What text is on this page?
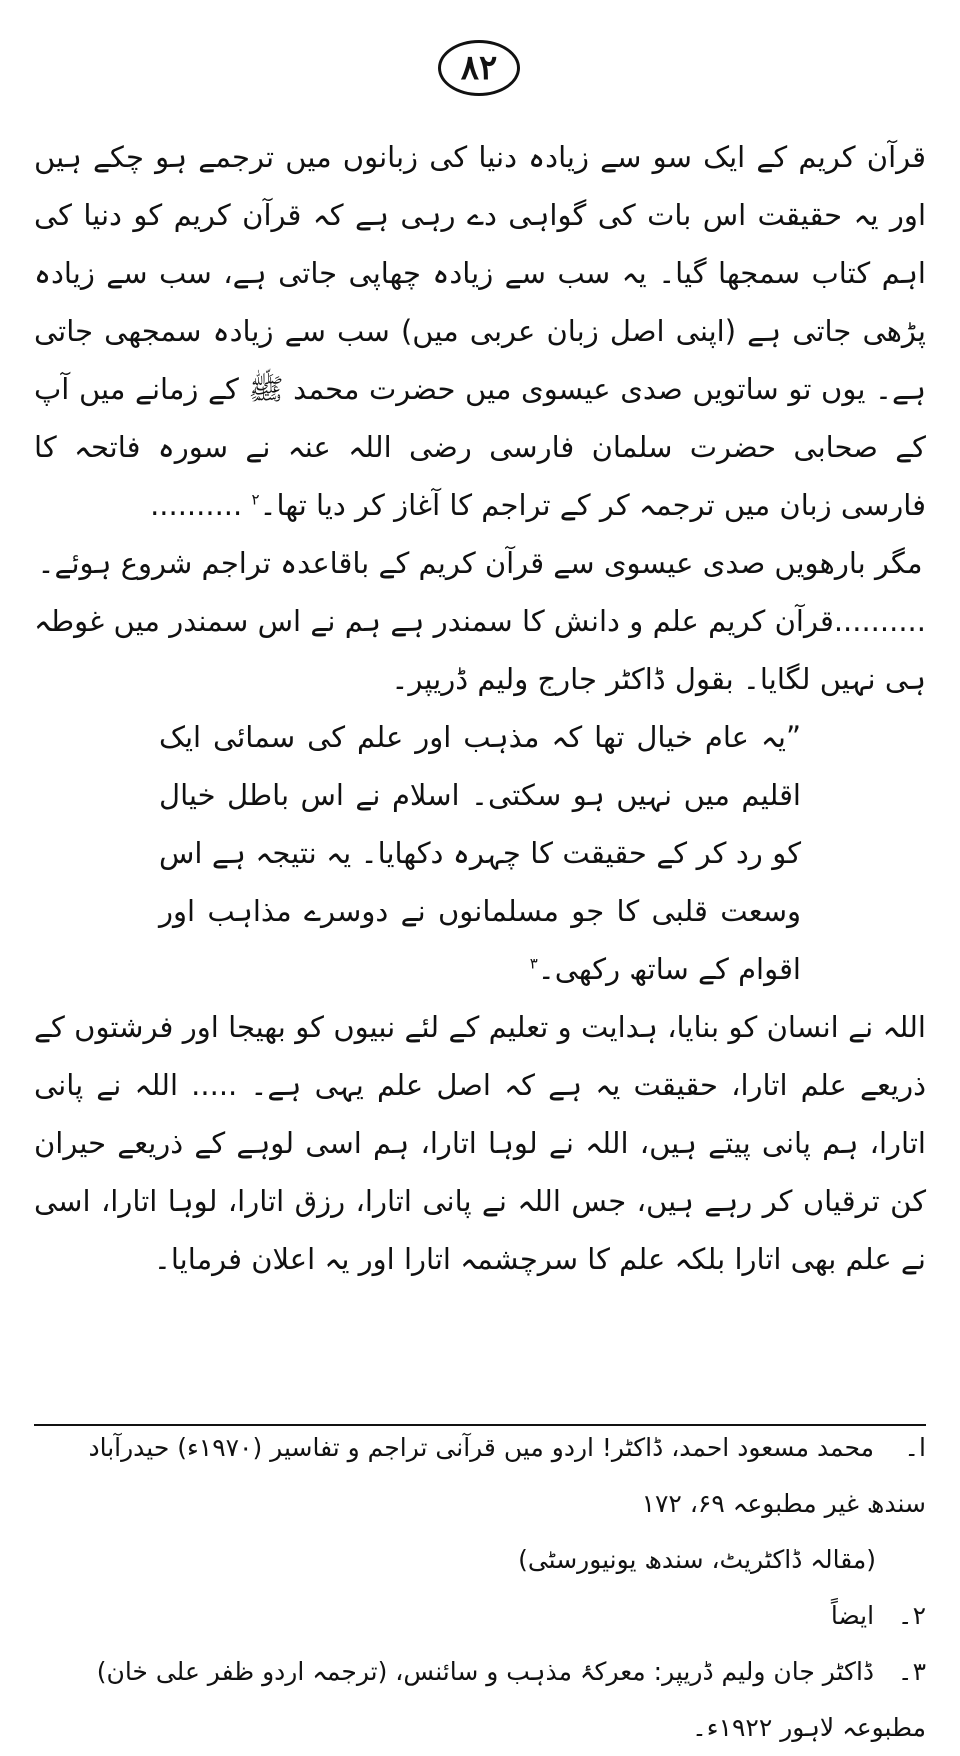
۸۲

قرآن کریم کے ایک سو سے زیادہ دنیا کی زبانوں میں ترجمے ہو چکے ہیں اور یہ حقیقت اس بات کی گواہی دے رہی ہے کہ قرآن کریم کو دنیا کی اہم کتاب سمجھا گیا۔ یہ سب سے زیادہ چھاپی جاتی ہے، سب سے زیادہ پڑھی جاتی ہے (اپنی اصل زبان عربی میں) سب سے زیادہ سمجھی جاتی ہے۔ یوں تو ساتویں صدی عیسوی میں حضرت محمد ﷺ کے زمانے میں آپ کے صحابی حضرت سلمان فارسی رضی اللہ عنہ نے سورہ فاتحہ کا فارسی زبان میں ترجمہ کر کے تراجم کا آغاز کر دیا تھا۔$^۲$ ..........

مگر بارھویں صدی عیسوی سے قرآن کریم کے باقاعدہ تراجم شروع ہوئے۔

..........قرآن کریم علم و دانش کا سمندر ہے ہم نے اس سمندر میں غوطہ ہی نہیں لگایا۔ بقول ڈاکٹر جارج ولیم ڈریپر۔

”یہ عام خیال تھا کہ مذہب اور علم کی سمائی ایک اقلیم میں نہیں ہو سکتی۔ اسلام نے اس باطل خیال کو رد کر کے حقیقت کا چہرہ دکھایا۔ یہ نتیجہ ہے اس وسعت قلبی کا جو مسلمانوں نے دوسرے مذاہب اور اقوام کے ساتھ رکھی۔$^۳$

اللہ نے انسان کو بنایا، ہدایت و تعلیم کے لئے نبیوں کو بھیجا اور فرشتوں کے ذریعے علم اتارا، حقیقت یہ ہے کہ اصل علم یہی ہے۔ ..... اللہ نے پانی اتارا، ہم پانی پیتے ہیں، اللہ نے لوہا اتارا، ہم اسی لوہے کے ذریعے حیران کن ترقیاں کر رہے ہیں، جس اللہ نے پانی اتارا، رزق اتارا، لوہا اتارا، اسی نے علم بھی اتارا بلکہ علم کا سرچشمہ اتارا اور یہ اعلان فرمایا۔

ا۔ محمد مسعود احمد، ڈاکٹر! اردو میں قرآنی تراجم و تفاسیر (۱۹۷۰ء) حیدرآباد سندھ غیر مطبوعہ ۶۹، ۱۷۲

(مقالہ ڈاکٹریٹ، سندھ یونیورسٹی)

۲۔ ایضاً

۳۔ ڈاکٹر جان ولیم ڈریپر: معرکۂ مذہب و سائنس، (ترجمہ اردو ظفر علی خان) مطبوعہ لاہور ۱۹۲۲ء۔
